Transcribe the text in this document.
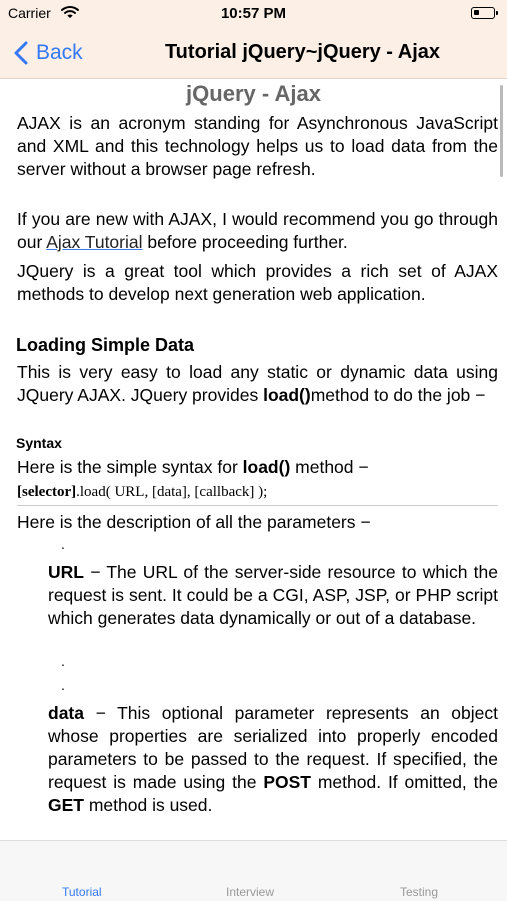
Carrier	10:57 PM
Back	Tutorial jQuery~jQuery - Ajax
jQuery - Ajax

AJAX is an acronym standing for Asynchronous JavaScript and XML and this technology helps us to load data from the server without a browser page refresh.

If you are new with AJAX, I would recommend you go through our Ajax Tutorial before proceeding further.

JQuery is a great tool which provides a rich set of AJAX methods to develop next generation web application.

Loading Simple Data

This is very easy to load any static or dynamic data using JQuery AJAX. JQuery provides load()method to do the job −

Syntax

Here is the simple syntax for load() method −

[selector].load( URL, [data], [callback] );

Here is the description of all the parameters −

.

URL − The URL of the server-side resource to which the request is sent. It could be a CGI, ASP, JSP, or PHP script which generates data dynamically or out of a database.

.
.

data − This optional parameter represents an object whose properties are serialized into properly encoded parameters to be passed to the request. If specified, the request is made using the POST method. If omitted, the GET method is used.

Tutorial	Interview	Testing
